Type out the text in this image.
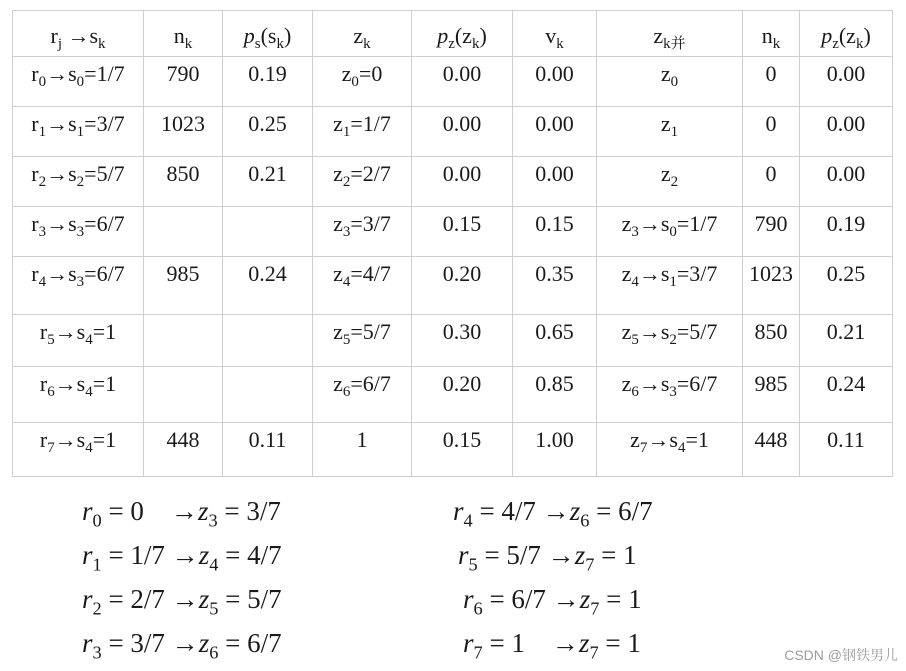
$r_j \to s_k$	$n_k$	$p_s(s_k)$	$z_k$	$p_z(z_k)$	$v_k$	$z_{k并}$	$n_k$	$p_z(z_k)$
$r_0\to s_0=1/7$	790	0.19	$z_0=0$	0.00	0.00	$z_0$	0	0.00
$r_1\to s_1=3/7$	1023	0.25	$z_1=1/7$	0.00	0.00	$z_1$	0	0.00
$r_2\to s_2=5/7$	850	0.21	$z_2=2/7$	0.00	0.00	$z_2$	0	0.00
$r_3\to s_3=6/7$			$z_3=3/7$	0.15	0.15	$z_3\to s_0=1/7$	790	0.19
$r_4\to s_3=6/7$	985	0.24	$z_4=4/7$	0.20	0.35	$z_4\to s_1=3/7$	1023	0.25
$r_5\to s_4=1$			$z_5=5/7$	0.30	0.65	$z_5\to s_2=5/7$	850	0.21
$r_6\to s_4=1$			$z_6=6/7$	0.20	0.85	$z_6\to s_3=6/7$	985	0.24
$r_7\to s_4=1$	448	0.11	1	0.15	1.00	$z_7\to s_4=1$	448	0.11
$r_0 = 0$   $\to z_3 = 3/7$
$r_1 = 1/7 \to z_4 = 4/7$
$r_2 = 2/7 \to z_5 = 5/7$
$r_3 = 3/7 \to z_6 = 6/7$
$r_4 = 4/7 \to z_6 = 6/7$
$r_5 = 5/7 \to z_7 = 1$
$r_6 = 6/7 \to z_7 = 1$
$r_7 = 1$   $\to z_7 = 1$	CSDN @钢铁男儿
